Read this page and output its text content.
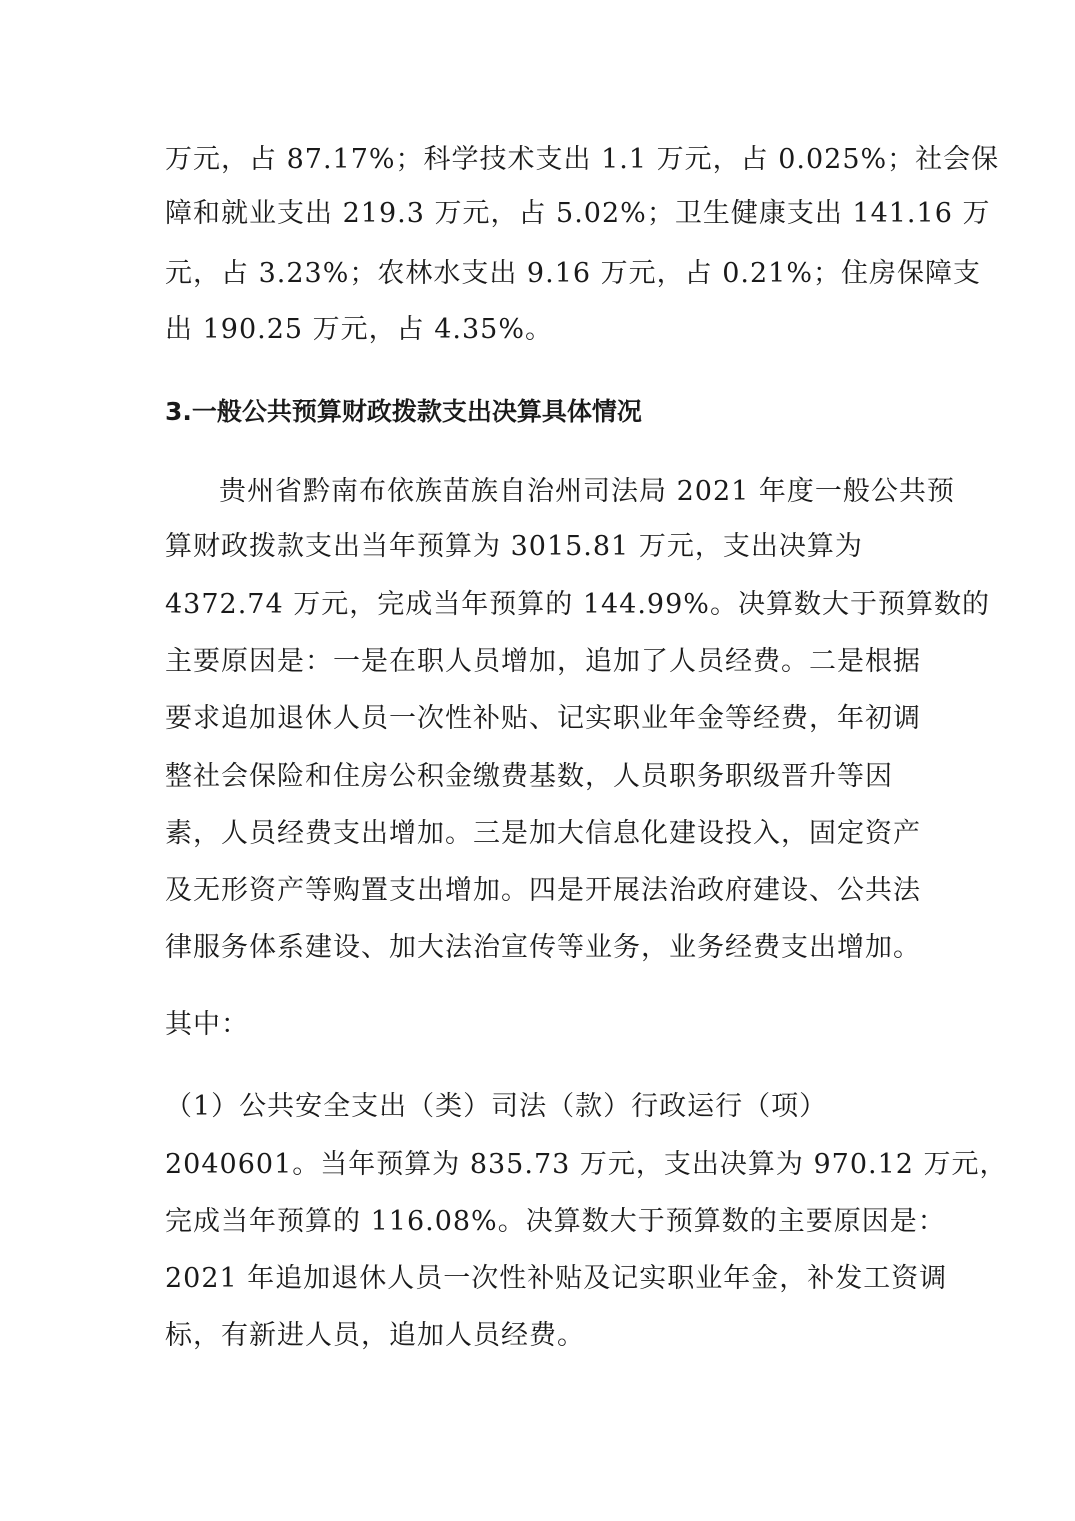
万元，占 87.17%；科学技术支出 1.1 万元，占 0.025%；社会保
障和就业支出 219.3 万元，占 5.02%；卫生健康支出 141.16 万
元，占 3.23%；农林水支出 9.16 万元，占 0.21%；住房保障支
出 190.25 万元，占 4.35%。
3.一般公共预算财政拨款支出决算具体情况
贵州省黔南布依族苗族自治州司法局 2021 年度一般公共预
算财政拨款支出当年预算为 3015.81 万元，支出决算为
4372.74 万元，完成当年预算的 144.99%。决算数大于预算数的
主要原因是：一是在职人员增加，追加了人员经费。二是根据
要求追加退休人员一次性补贴、记实职业年金等经费，年初调
整社会保险和住房公积金缴费基数，人员职务职级晋升等因
素，人员经费支出增加。三是加大信息化建设投入，固定资产
及无形资产等购置支出增加。四是开展法治政府建设、公共法
律服务体系建设、加大法治宣传等业务，业务经费支出增加。
其中：
（1）公共安全支出（类）司法（款）行政运行（项）
2040601。当年预算为 835.73 万元，支出决算为 970.12 万元，
完成当年预算的 116.08%。决算数大于预算数的主要原因是：
2021 年追加退休人员一次性补贴及记实职业年金，补发工资调
标，有新进人员，追加人员经费。
